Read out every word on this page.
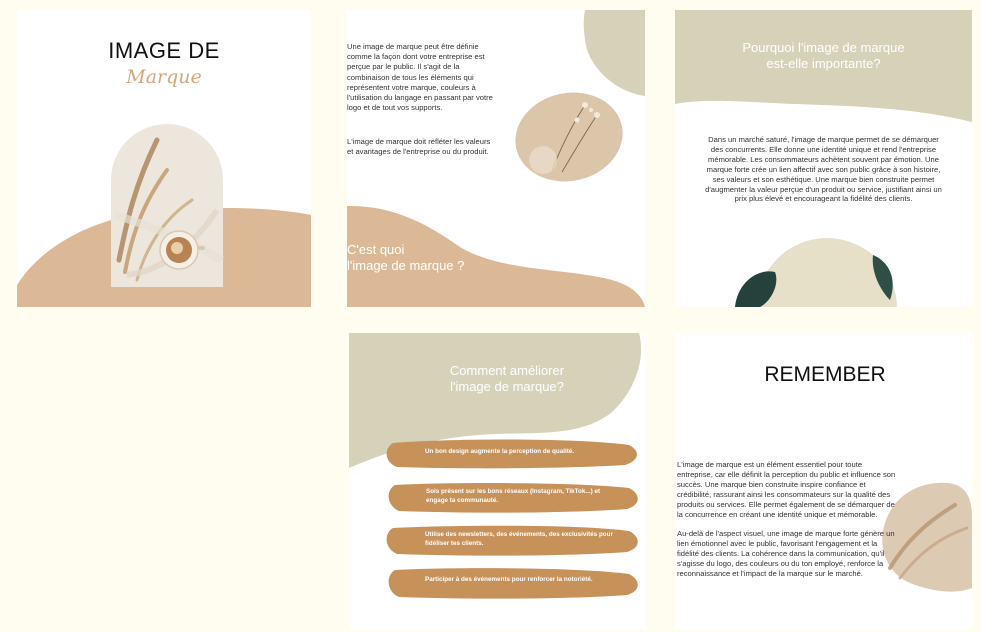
IMAGE DE
Marque
Une image de marque peut être définie comme la façon dont votre entreprise est perçue par le public. Il s'agit de la combinaison de tous les éléments qui représentent votre marque, couleurs à l'utilisation du langage en passant par votre logo et de tout vos supports.
L'image de marque doit refléter les valeurs et avantages de l'entreprise ou du produit.
C'est quoi
l'image de marque ?
Pourquoi l'image de marque
est-elle importante?
Dans un marché saturé, l'image de marque permet de se démarquer des concurrents. Elle donne une identité unique et rend l'entreprise mémorable. Les consommateurs achètent souvent par émotion. Une marque forte crée un lien affectif avec son public grâce à son histoire, ses valeurs et son esthétique. Une marque bien construite permet d'augmenter la valeur perçue d'un produit ou service, justifiant ainsi un prix plus élevé et encourageant la fidélité des clients.
Comment améliorer
l'image de marque?
Un bon design augmente la perception de qualité.
Sois présent sur les bons réseaux (Instagram, TikTok...) et engage ta communauté.
Utilise des newsletters, des événements, des exclusivités pour fidéliser tes clients.
Participer à des événements pour renforcer la notoriété.
REMEMBER
L'image de marque est un élément essentiel pour toute entreprise, car elle définit la perception du public et influence son succès. Une marque bien construite inspire confiance et crédibilité, rassurant ainsi les consommateurs sur la qualité des produits ou services. Elle permet également de se démarquer de la concurrence en créant une identité unique et mémorable.
Au-delà de l'aspect visuel, une image de marque forte génère un lien émotionnel avec le public, favorisant l'engagement et la fidélité des clients. La cohérence dans la communication, qu'il s'agisse du logo, des couleurs ou du ton employé, renforce la reconnaissance et l'impact de la marque sur le marché.
